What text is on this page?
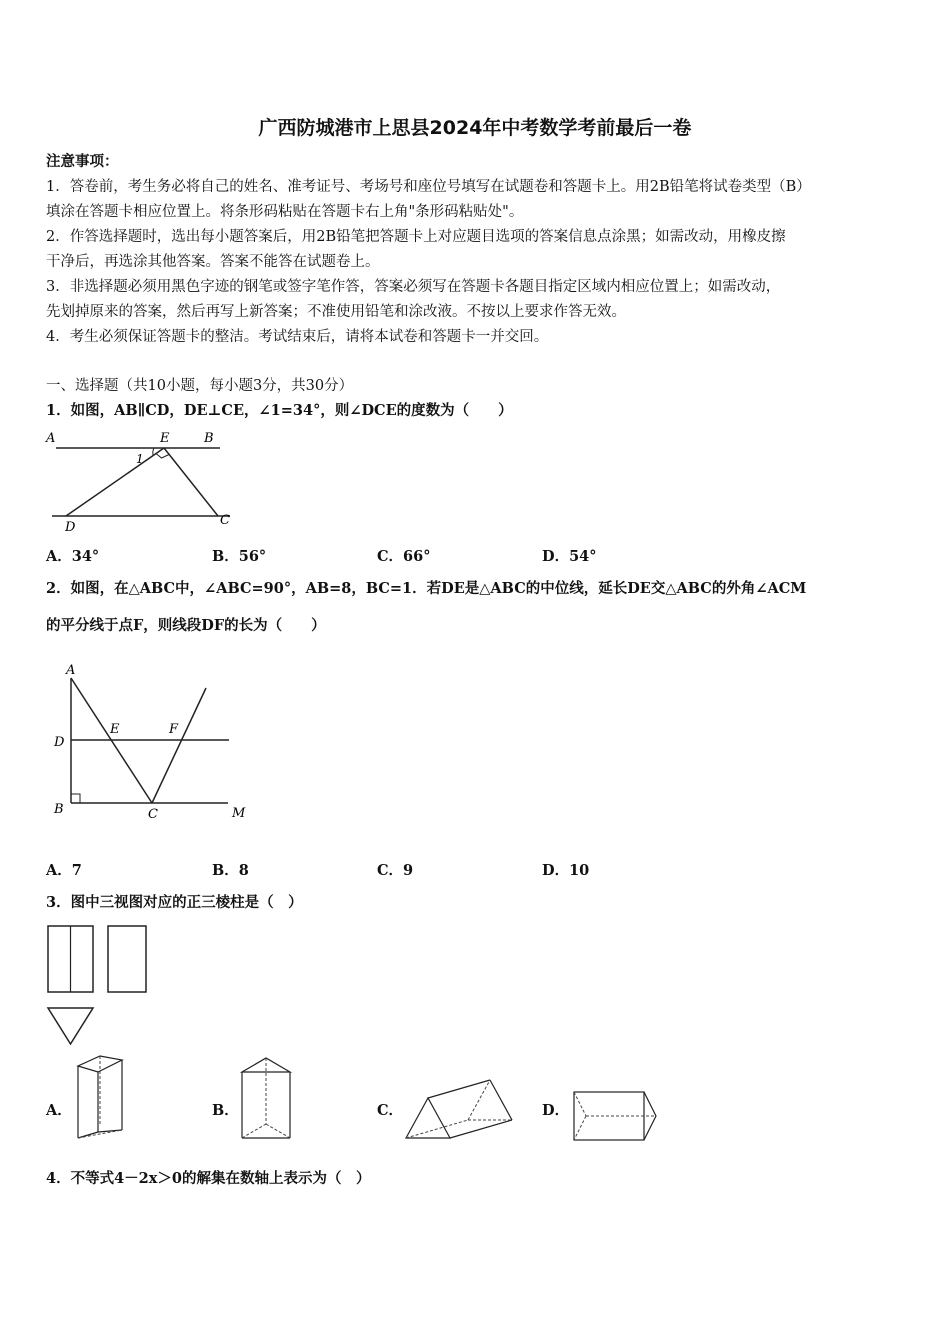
广西防城港市上思县2024年中考数学考前最后一卷
注意事项：
1．答卷前，考生务必将自己的姓名、准考证号、考场号和座位号填写在试题卷和答题卡上。用2B铅笔将试卷类型（B）
填涂在答题卡相应位置上。将条形码粘贴在答题卡右上角"条形码粘贴处"。
2．作答选择题时，选出每小题答案后，用2B铅笔把答题卡上对应题目选项的答案信息点涂黑；如需改动，用橡皮擦
干净后，再选涂其他答案。答案不能答在试题卷上。
3．非选择题必须用黑色字迹的钢笔或签字笔作答，答案必须写在答题卡各题目指定区域内相应位置上；如需改动，
先划掉原来的答案，然后再写上新答案；不准使用铅笔和涂改液。不按以上要求作答无效。
4．考生必须保证答题卡的整洁。考试结束后，请将本试卷和答题卡一并交回。
一、选择题（共10小题，每小题3分，共30分）
1．如图，AB∥CD，DE⊥CE，∠1=34°，则∠DCE的度数为（　　）
A	E	B
1
D	C
A．34°	B．56°	C．66°	D．54°
2．如图，在△ABC中，∠ABC=90°，AB=8，BC=1．若DE是△ABC的中位线，延长DE交△ABC的外角∠ACM
的平分线于点F，则线段DF的长为（　　）
A
E	F
D
B	C	M
A．7	B．8	C．9	D．10
3．图中三视图对应的正三棱柱是（　）
A．	B．	C．	D．
4．不等式4－2x＞0的解集在数轴上表示为（　）
